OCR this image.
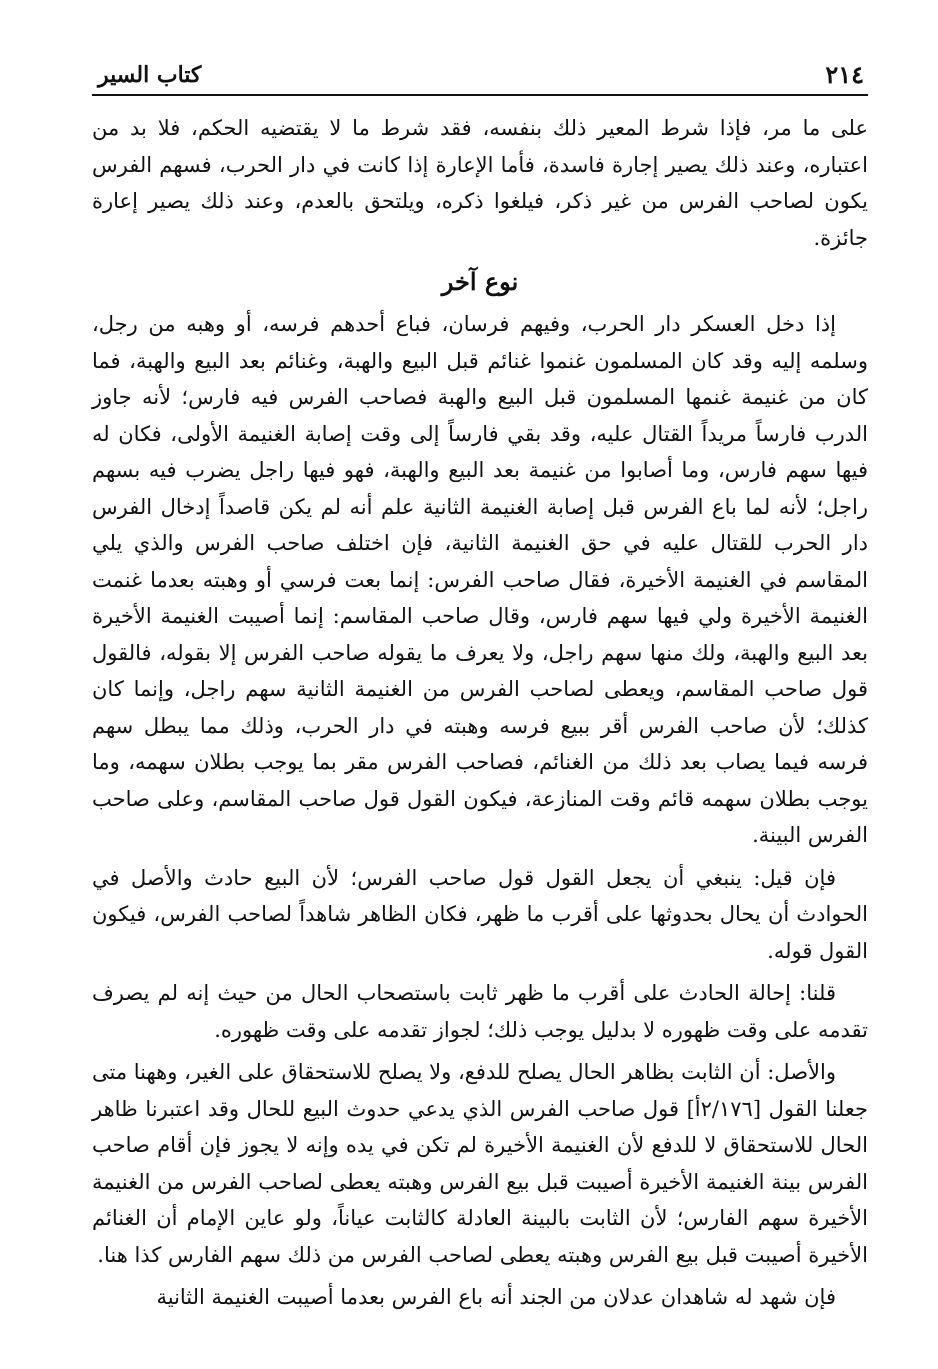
٢١٤
كتاب السير

على ما مر، فإذا شرط المعير ذلك بنفسه، فقد شرط ما لا يقتضيه الحكم، فلا بد من اعتباره، وعند ذلك يصير إجارة فاسدة، فأما الإعارة إذا كانت في دار الحرب، فسهم الفرس يكون لصاحب الفرس من غير ذكر، فيلغوا ذكره، ويلتحق بالعدم، وعند ذلك يصير إعارة جائزة.

نوع آخر

إذا دخل العسكر دار الحرب، وفيهم فرسان، فباع أحدهم فرسه، أو وهبه من رجل، وسلمه إليه وقد كان المسلمون غنموا غنائم قبل البيع والهبة، وغنائم بعد البيع والهبة، فما كان من غنيمة غنمها المسلمون قبل البيع والهبة فصاحب الفرس فيه فارس؛ لأنه جاوز الدرب فارساً مريداً القتال عليه، وقد بقي فارساً إلى وقت إصابة الغنيمة الأولى، فكان له فيها سهم فارس، وما أصابوا من غنيمة بعد البيع والهبة، فهو فيها راجل يضرب فيه بسهم راجل؛ لأنه لما باع الفرس قبل إصابة الغنيمة الثانية علم أنه لم يكن قاصداً إدخال الفرس دار الحرب للقتال عليه في حق الغنيمة الثانية، فإن اختلف صاحب الفرس والذي يلي المقاسم في الغنيمة الأخيرة، فقال صاحب الفرس: إنما بعت فرسي أو وهبته بعدما غنمت الغنيمة الأخيرة ولي فيها سهم فارس، وقال صاحب المقاسم: إنما أصيبت الغنيمة الأخيرة بعد البيع والهبة، ولك منها سهم راجل، ولا يعرف ما يقوله صاحب الفرس إلا بقوله، فالقول قول صاحب المقاسم، ويعطى لصاحب الفرس من الغنيمة الثانية سهم راجل، وإنما كان كذلك؛ لأن صاحب الفرس أقر ببيع فرسه وهبته في دار الحرب، وذلك مما يبطل سهم فرسه فيما يصاب بعد ذلك من الغنائم، فصاحب الفرس مقر بما يوجب بطلان سهمه، وما يوجب بطلان سهمه قائم وقت المنازعة، فيكون القول قول صاحب المقاسم، وعلى صاحب الفرس البينة.

فإن قيل: ينبغي أن يجعل القول قول صاحب الفرس؛ لأن البيع حادث والأصل في الحوادث أن يحال بحدوثها على أقرب ما ظهر، فكان الظاهر شاهداً لصاحب الفرس، فيكون القول قوله.

قلنا: إحالة الحادث على أقرب ما ظهر ثابت باستصحاب الحال من حيث إنه لم يصرف تقدمه على وقت ظهوره لا بدليل يوجب ذلك؛ لجواز تقدمه على وقت ظهوره.

والأصل: أن الثابت بظاهر الحال يصلح للدفع، ولا يصلح للاستحقاق على الغير، وههنا متى جعلنا القول [٢/١٧٦أ] قول صاحب الفرس الذي يدعي حدوث البيع للحال وقد اعتبرنا ظاهر الحال للاستحقاق لا للدفع لأن الغنيمة الأخيرة لم تكن في يده وإنه لا يجوز فإن أقام صاحب الفرس بينة الغنيمة الأخيرة أصيبت قبل بيع الفرس وهبته يعطى لصاحب الفرس من الغنيمة الأخيرة سهم الفارس؛ لأن الثابت بالبينة العادلة كالثابت عياناً، ولو عاين الإمام أن الغنائم الأخيرة أصيبت قبل بيع الفرس وهبته يعطى لصاحب الفرس من ذلك سهم الفارس كذا هنا.

فإن شهد له شاهدان عدلان من الجند أنه باع الفرس بعدما أصيبت الغنيمة الثانية
